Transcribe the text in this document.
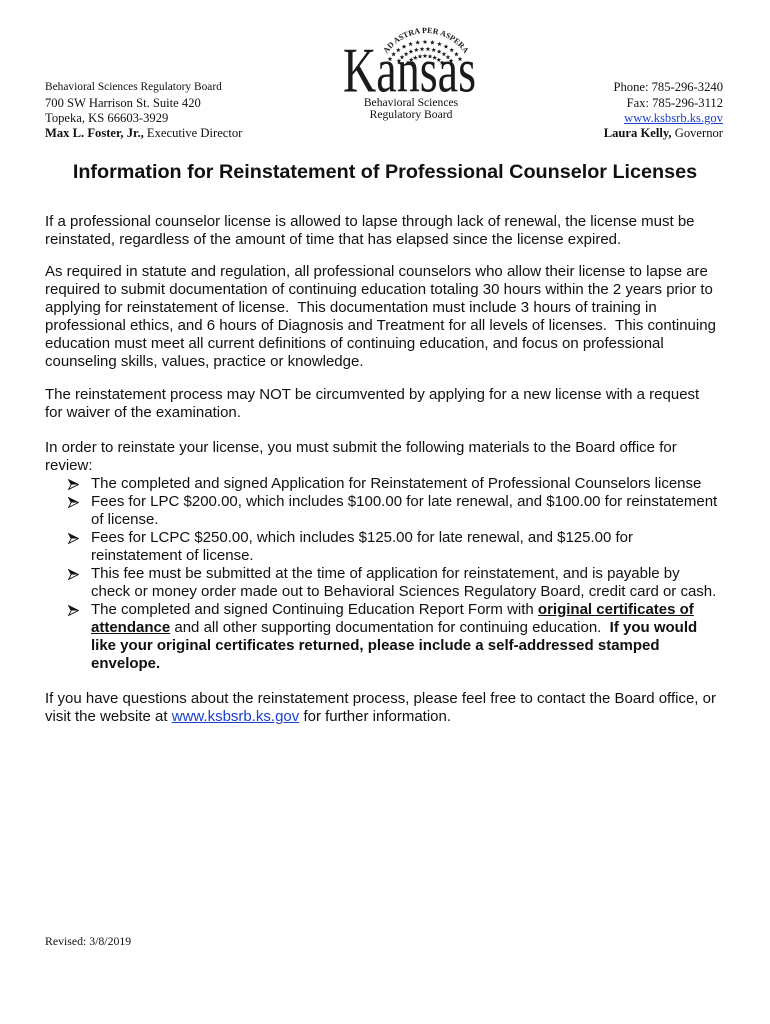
Behavioral Sciences Regulatory Board
700 SW Harrison St. Suite 420
Topeka, KS 66603-3929
Max L. Foster, Jr., Executive Director
AD ASTRA PER ASPERA
Kansas
Behavioral Sciences
Regulatory Board
Phone: 785-296-3240
Fax: 785-296-3112
www.ksbsrb.ks.gov
Laura Kelly, Governor
Information for Reinstatement of Professional Counselor Licenses

If a professional counselor license is allowed to lapse through lack of renewal, the license must be
reinstated, regardless of the amount of time that has elapsed since the license expired.

As required in statute and regulation, all professional counselors who allow their license to lapse are
required to submit documentation of continuing education totaling 30 hours within the 2 years prior to
applying for reinstatement of license.  This documentation must include 3 hours of training in
professional ethics, and 6 hours of Diagnosis and Treatment for all levels of licenses.  This continuing
education must meet all current definitions of continuing education, and focus on professional
counseling skills, values, practice or knowledge.

The reinstatement process may NOT be circumvented by applying for a new license with a request
for waiver of the examination.

In order to reinstate your license, you must submit the following materials to the Board office for
review:

The completed and signed Application for Reinstatement of Professional Counselors license
Fees for LPC $200.00, which includes $100.00 for late renewal, and $100.00 for reinstatement
of license.
Fees for LCPC $250.00, which includes $125.00 for late renewal, and $125.00 for
reinstatement of license.
This fee must be submitted at the time of application for reinstatement, and is payable by
check or money order made out to Behavioral Sciences Regulatory Board, credit card or cash.
The completed and signed Continuing Education Report Form with original certificates of
attendance and all other supporting documentation for continuing education.  If you would
like your original certificates returned, please include a self-addressed stamped
envelope.

If you have questions about the reinstatement process, please feel free to contact the Board office, or
visit the website at www.ksbsrb.ks.gov for further information.

Revised: 3/8/2019
